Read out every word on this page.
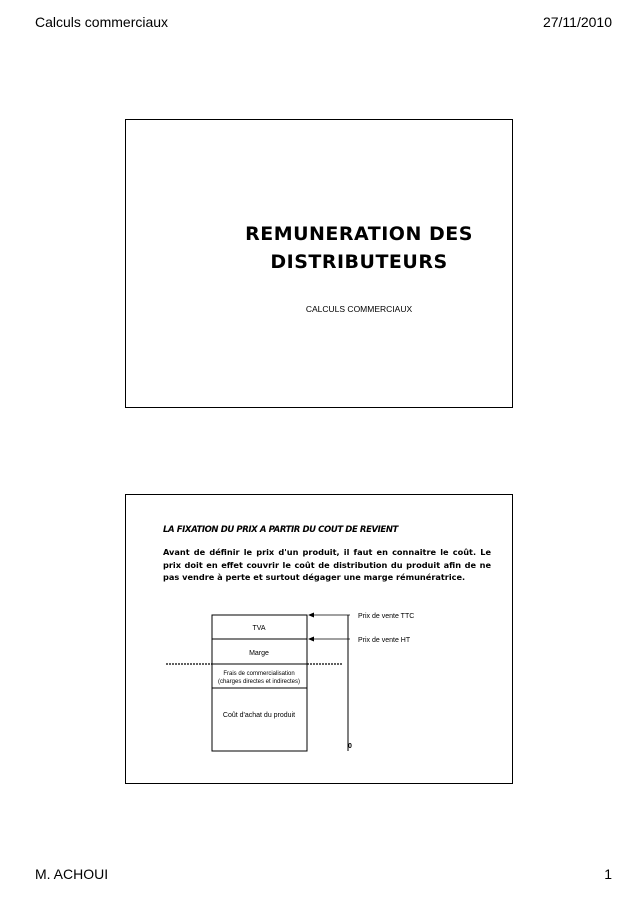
Calculs commerciaux	27/11/2010
REMUNERATION DES
DISTRIBUTEURS
CALCULS COMMERCIAUX
LA FIXATION DU PRIX A PARTIR DU COUT DE REVIENT
Avant de définir le prix d'un produit, il faut en connaitre le coût. Le prix doit en effet couvrir le coût de distribution du produit afin de ne pas vendre à perte et surtout dégager une marge rémunératrice.
TVA
Marge
Frais de commercialisation
(charges directes et indirectes)
Coût d'achat du produit
Prix de vente TTC
Prix de vente HT
0
M. ACHOUI	1
